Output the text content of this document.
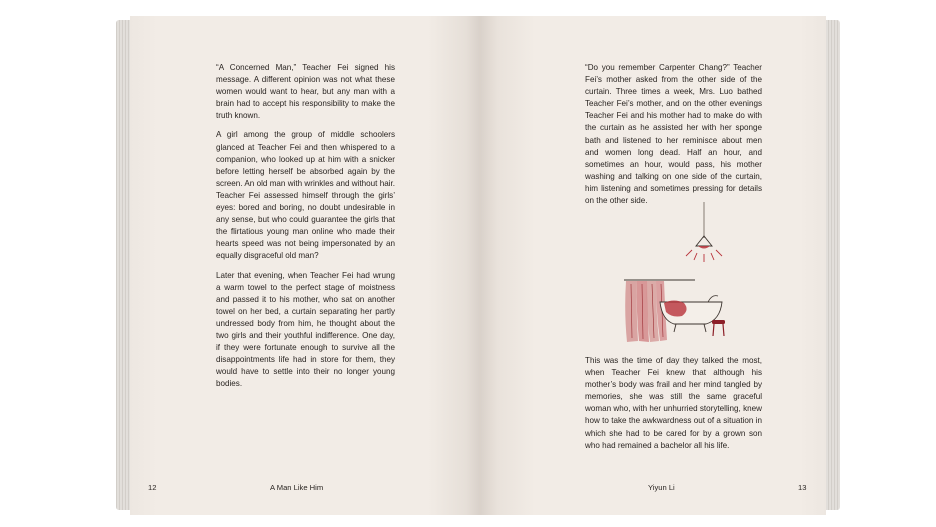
“A Concerned Man,” Teacher Fei signed his message. A different opinion was not what these women would want to hear, but any man with a brain had to accept his responsibility to make the truth known.

A girl among the group of middle schoolers glanced at Teacher Fei and then whispered to a companion, who looked up at him with a snicker before letting herself be absorbed again by the screen. An old man with wrinkles and without hair. Teacher Fei assessed himself through the girls’ eyes: bored and boring, no doubt undesirable in any sense, but who could guarantee the girls that the flirtatious young man online who made their hearts speed was not being impersonated by an equally disgraceful old man?

Later that evening, when Teacher Fei had wrung a warm towel to the perfect stage of moistness and passed it to his mother, who sat on another towel on her bed, a curtain separating her partly undressed body from him, he thought about the two girls and their youthful indifference. One day, if they were fortunate enough to survive all the disappointments life had in store for them, they would have to settle into their no longer young bodies.

12	A Man Like Him
“Do you remember Carpenter Chang?” Teacher Fei’s mother asked from the other side of the curtain. Three times a week, Mrs. Luo bathed Teacher Fei’s mother, and on the other evenings Teacher Fei and his mother had to make do with the curtain as he assisted her with her sponge bath and listened to her reminisce about men and women long dead. Half an hour, and sometimes an hour, would pass, his mother washing and talking on one side of the curtain, him listening and sometimes pressing for details on the other side.
This was the time of day they talked the most, when Teacher Fei knew that although his mother’s body was frail and her mind tangled by memories, she was still the same graceful woman who, with her unhurried storytelling, knew how to take the awkwardness out of a situation in which she had to be cared for by a grown son who had remained a bachelor all his life.
Yiyun Li	13
